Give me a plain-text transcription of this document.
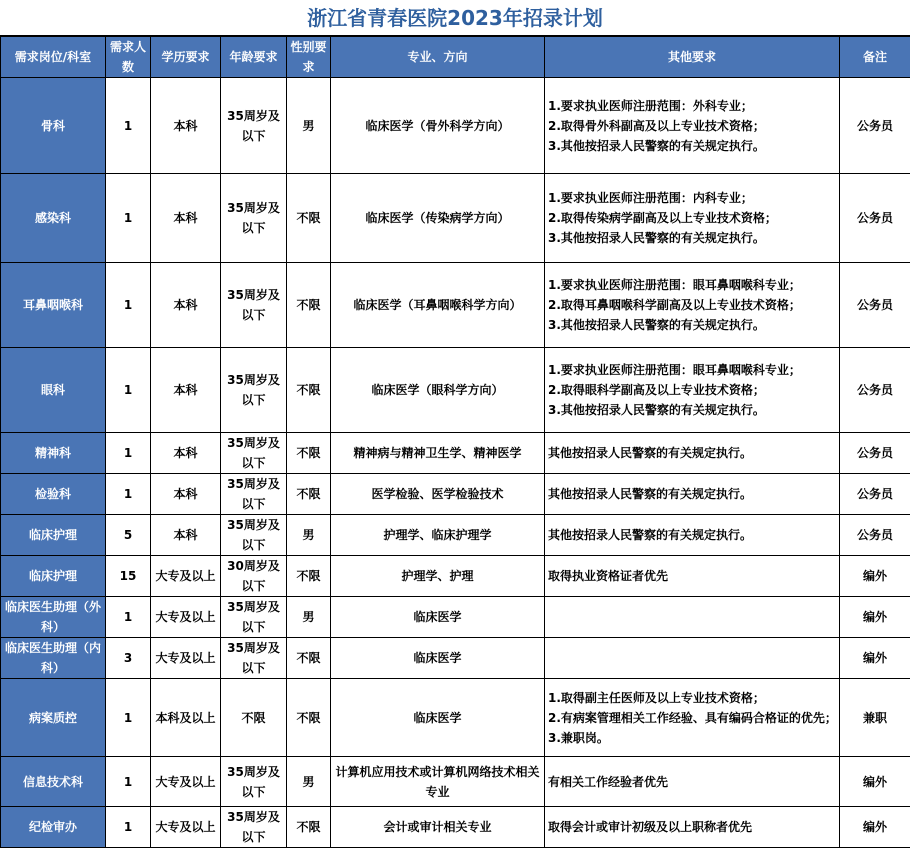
浙江省青春医院2023年招录计划
需求岗位/科室	需求人数	学历要求	年龄要求	性别要求	专业、方向	其他要求	备注
骨科	1	本科	35周岁及以下	男	临床医学（骨外科学方向）	1.要求执业医师注册范围：外科专业；
2.取得骨外科副高及以上专业技术资格；
3.其他按招录人民警察的有关规定执行。	公务员
感染科	1	本科	35周岁及以下	不限	临床医学（传染病学方向）	1.要求执业医师注册范围：内科专业；
2.取得传染病学副高及以上专业技术资格；
3.其他按招录人民警察的有关规定执行。	公务员
耳鼻咽喉科	1	本科	35周岁及以下	不限	临床医学（耳鼻咽喉科学方向）	1.要求执业医师注册范围：眼耳鼻咽喉科专业；
2.取得耳鼻咽喉科学副高及以上专业技术资格；
3.其他按招录人民警察的有关规定执行。	公务员
眼科	1	本科	35周岁及以下	不限	临床医学（眼科学方向）	1.要求执业医师注册范围：眼耳鼻咽喉科专业；
2.取得眼科学副高及以上专业技术资格；
3.其他按招录人民警察的有关规定执行。	公务员
精神科	1	本科	35周岁及以下	不限	精神病与精神卫生学、精神医学	其他按招录人民警察的有关规定执行。	公务员
检验科	1	本科	35周岁及以下	不限	医学检验、医学检验技术	其他按招录人民警察的有关规定执行。	公务员
临床护理	5	本科	35周岁及以下	男	护理学、临床护理学	其他按招录人民警察的有关规定执行。	公务员
临床护理	15	大专及以上	30周岁及以下	不限	护理学、护理	取得执业资格证者优先	编外
临床医生助理（外科）	1	大专及以上	35周岁及以下	男	临床医学		编外
临床医生助理（内科）	3	大专及以上	35周岁及以下	不限	临床医学		编外
病案质控	1	本科及以上	不限	不限	临床医学	1.取得副主任医师及以上专业技术资格；
2.有病案管理相关工作经验、具有编码合格证的优先；
3.兼职岗。	兼职
信息技术科	1	大专及以上	35周岁及以下	男	计算机应用技术或计算机网络技术相关专业	有相关工作经验者优先	编外
纪检审办	1	大专及以上	35周岁及以下	不限	会计或审计相关专业	取得会计或审计初级及以上职称者优先	编外
